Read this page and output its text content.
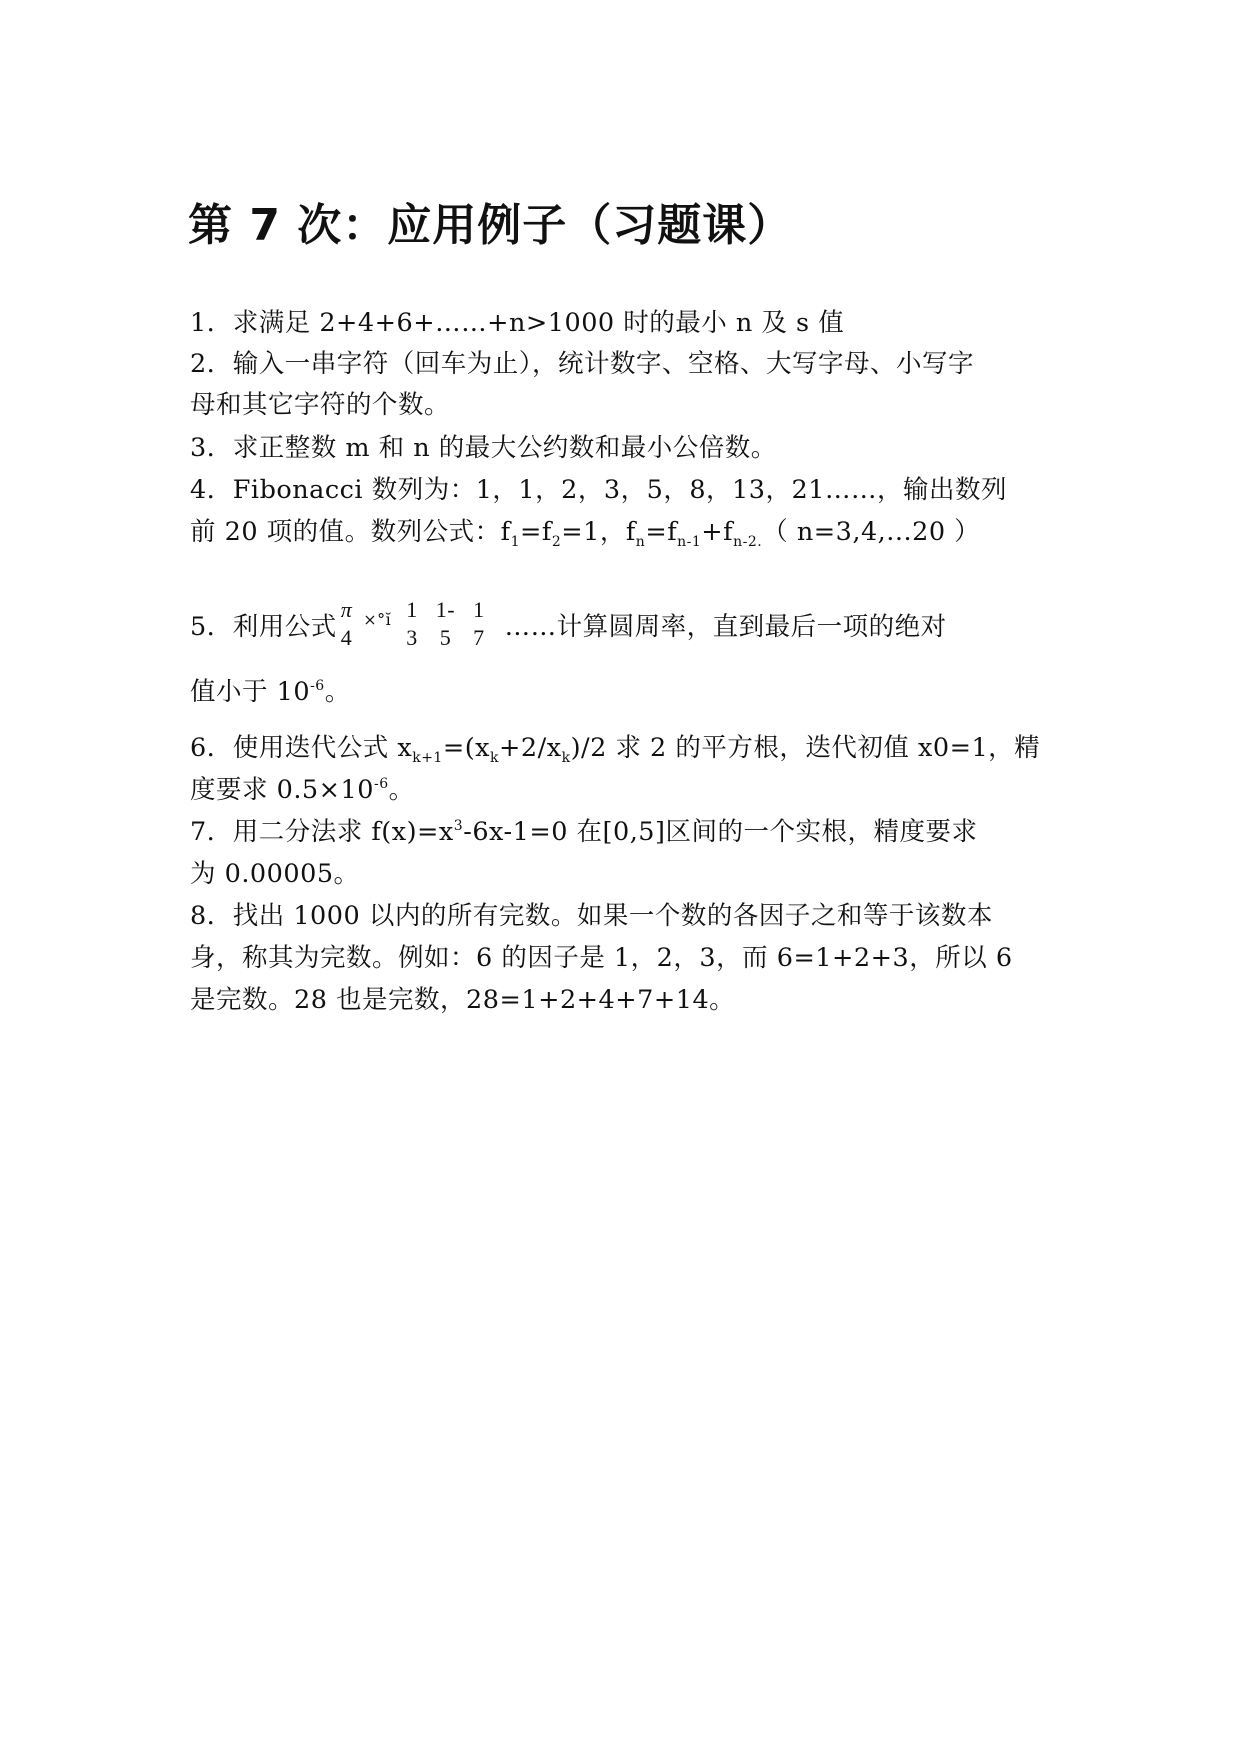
第 7 次：应用例子（习题课）
1．求满足 2+4+6+……+n>1000 时的最小 n 及 s 值
2．输入一串字符（回车为止），统计数字、空格、大写字母、小写字
母和其它字符的个数。
3．求正整数 m 和 n 的最大公约数和最小公倍数。
4．Fibonacci 数列为：1，1，2，3，5，8，13，21……，输出数列
前 20 项的值。数列公式：$f_1=f_2=1$，$f_n=f_{n-1}+f_{n-2.}$（ n=3,4,...20 ）
5．利用公式
π
4
$^{\times^\circ ĭ}$ 1
3
1-
5
1
7 ……计算圆周率，直到最后一项的绝对
值小于 $10^{-6}$。
6．使用迭代公式 $x_{k+1}=(x_k+2/x_k)/2$ 求 2 的平方根，迭代初值 x0=1，精
度要求 $0.5\times 10^{-6}$。
7．用二分法求 $f(x)=x^3-6x-1=0$ 在[0,5]区间的一个实根，精度要求
为 0.00005。
8．找出 1000 以内的所有完数。如果一个数的各因子之和等于该数本
身，称其为完数。例如：6 的因子是 1，2，3，而 6=1+2+3，所以 6
是完数。28 也是完数，28=1+2+4+7+14。
